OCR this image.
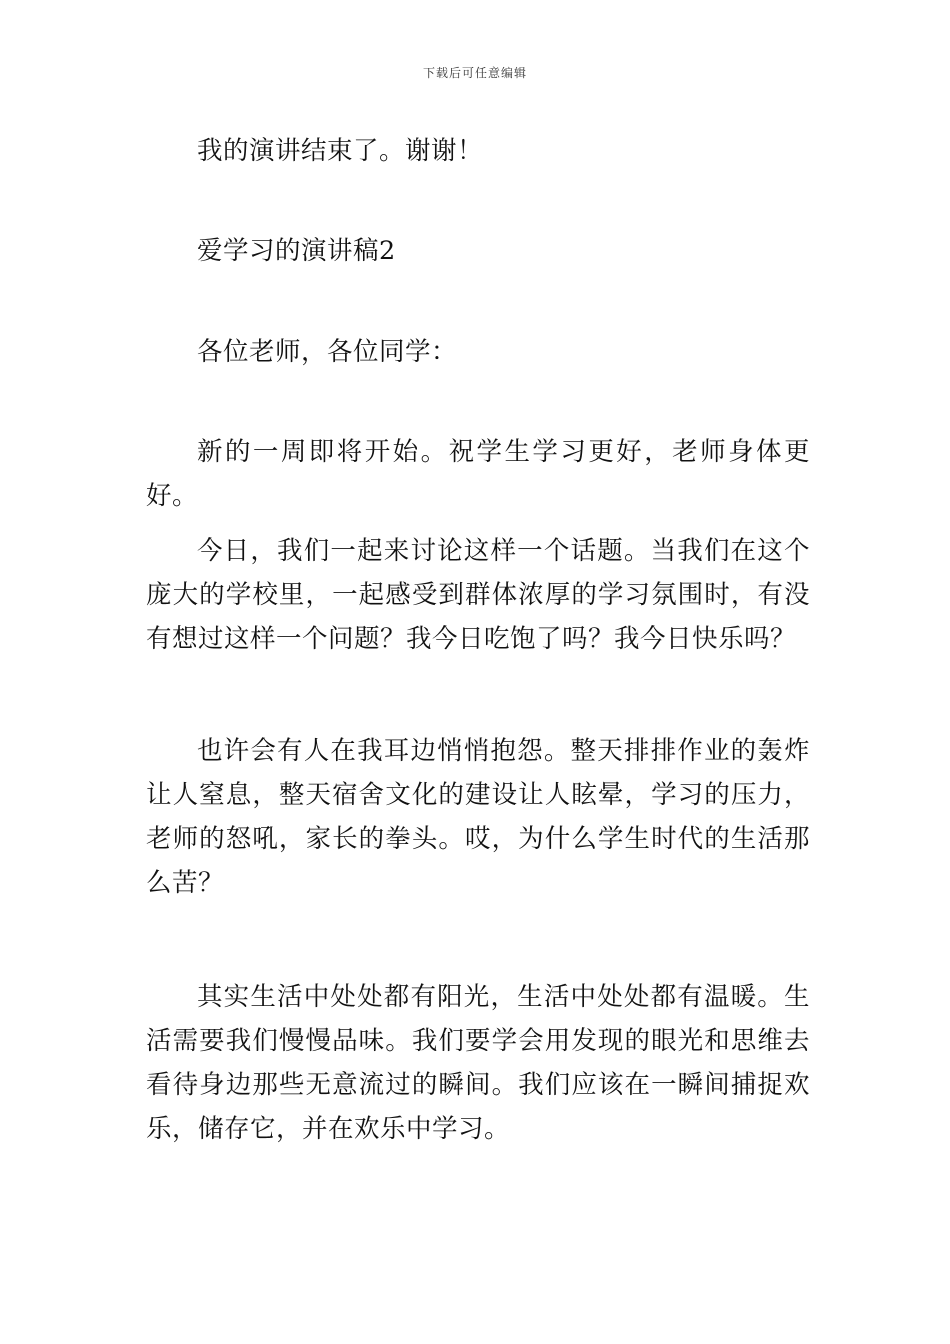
下载后可任意编辑

我的演讲结束了。谢谢！

爱学习的演讲稿2

各位老师，各位同学：

新的一周即将开始。祝学生学习更好，老师身体更好。

今日，我们一起来讨论这样一个话题。当我们在这个庞大的学校里，一起感受到群体浓厚的学习氛围时，有没有想过这样一个问题？我今日吃饱了吗？我今日快乐吗？

也许会有人在我耳边悄悄抱怨。整天排排作业的轰炸让人窒息，整天宿舍文化的建设让人眩晕，学习的压力，老师的怒吼，家长的拳头。哎，为什么学生时代的生活那么苦？

其实生活中处处都有阳光，生活中处处都有温暖。生活需要我们慢慢品味。我们要学会用发现的眼光和思维去看待身边那些无意流过的瞬间。我们应该在一瞬间捕捉欢乐，储存它，并在欢乐中学习。
